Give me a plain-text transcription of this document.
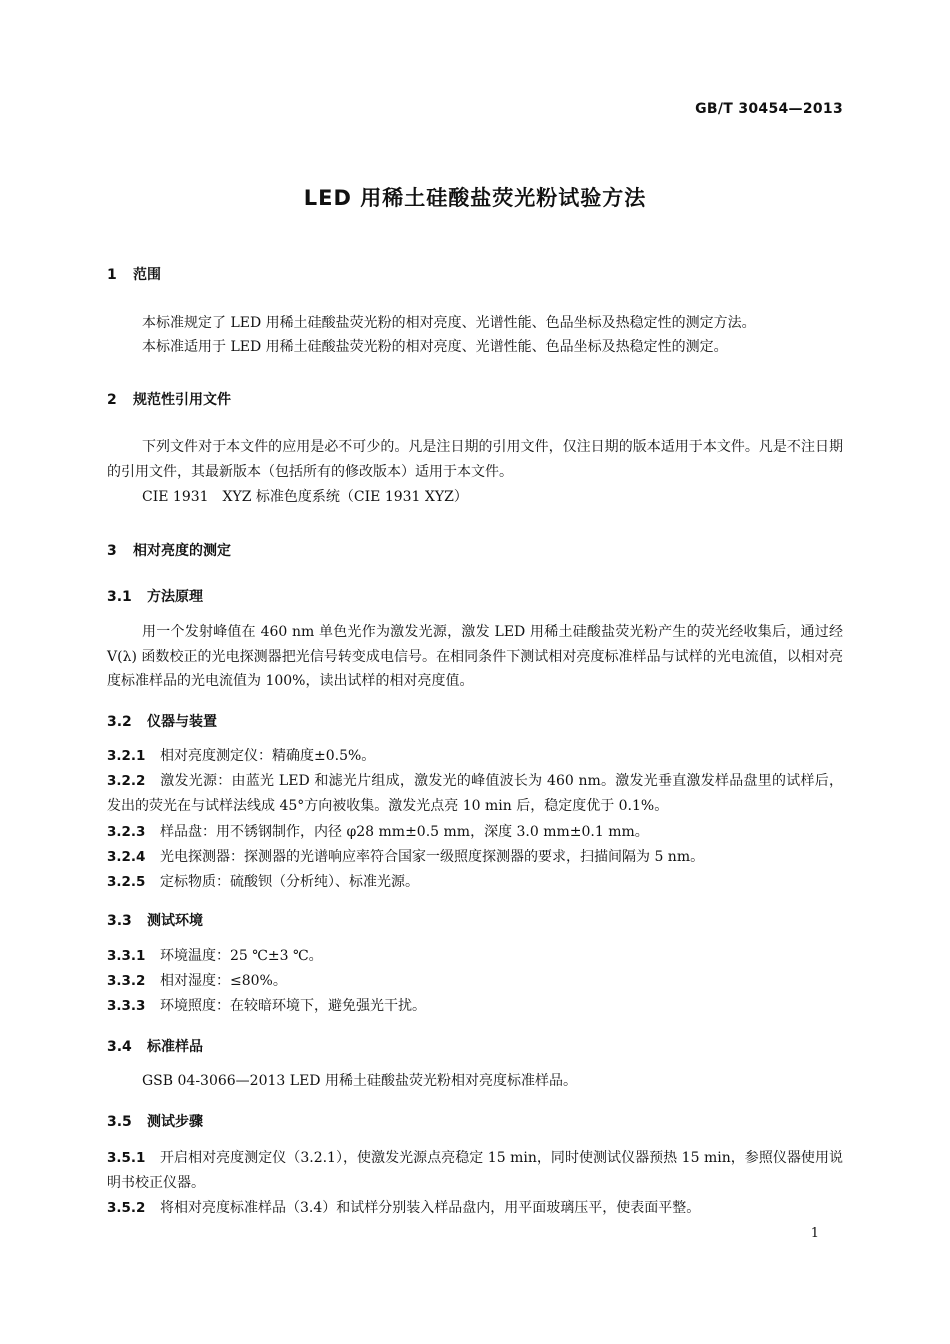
GB/T 30454—2013
LED 用稀土硅酸盐荧光粉试验方法
1 范围
本标准规定了 LED 用稀土硅酸盐荧光粉的相对亮度、光谱性能、色品坐标及热稳定性的测定方法。
本标准适用于 LED 用稀土硅酸盐荧光粉的相对亮度、光谱性能、色品坐标及热稳定性的测定。
2 规范性引用文件
下列文件对于本文件的应用是必不可少的。凡是注日期的引用文件，仅注日期的版本适用于本文件。凡是不注日期的引用文件，其最新版本（包括所有的修改版本）适用于本文件。
CIE 1931　XYZ 标准色度系统（CIE 1931 XYZ）
3 相对亮度的测定
3.1 方法原理
用一个发射峰值在 460 nm 单色光作为激发光源，激发 LED 用稀土硅酸盐荧光粉产生的荧光经收集后，通过经 V(λ) 函数校正的光电探测器把光信号转变成电信号。在相同条件下测试相对亮度标准样品与试样的光电流值，以相对亮度标准样品的光电流值为 100%，读出试样的相对亮度值。
3.2 仪器与装置
3.2.1 相对亮度测定仪：精确度±0.5%。
3.2.2 激发光源：由蓝光 LED 和滤光片组成，激发光的峰值波长为 460 nm。激发光垂直激发样品盘里的试样后，发出的荧光在与试样法线成 45°方向被收集。激发光点亮 10 min 后，稳定度优于 0.1%。
3.2.3 样品盘：用不锈钢制作，内径 φ28 mm±0.5 mm，深度 3.0 mm±0.1 mm。
3.2.4 光电探测器：探测器的光谱响应率符合国家一级照度探测器的要求，扫描间隔为 5 nm。
3.2.5 定标物质：硫酸钡（分析纯）、标准光源。
3.3 测试环境
3.3.1 环境温度：25 ℃±3 ℃。
3.3.2 相对湿度：≤80%。
3.3.3 环境照度：在较暗环境下，避免强光干扰。
3.4 标准样品
GSB 04-3066—2013 LED 用稀土硅酸盐荧光粉相对亮度标准样品。
3.5 测试步骤
3.5.1 开启相对亮度测定仪（3.2.1），使激发光源点亮稳定 15 min，同时使测试仪器预热 15 min，参照仪器使用说明书校正仪器。
3.5.2 将相对亮度标准样品（3.4）和试样分别装入样品盘内，用平面玻璃压平，使表面平整。
1
